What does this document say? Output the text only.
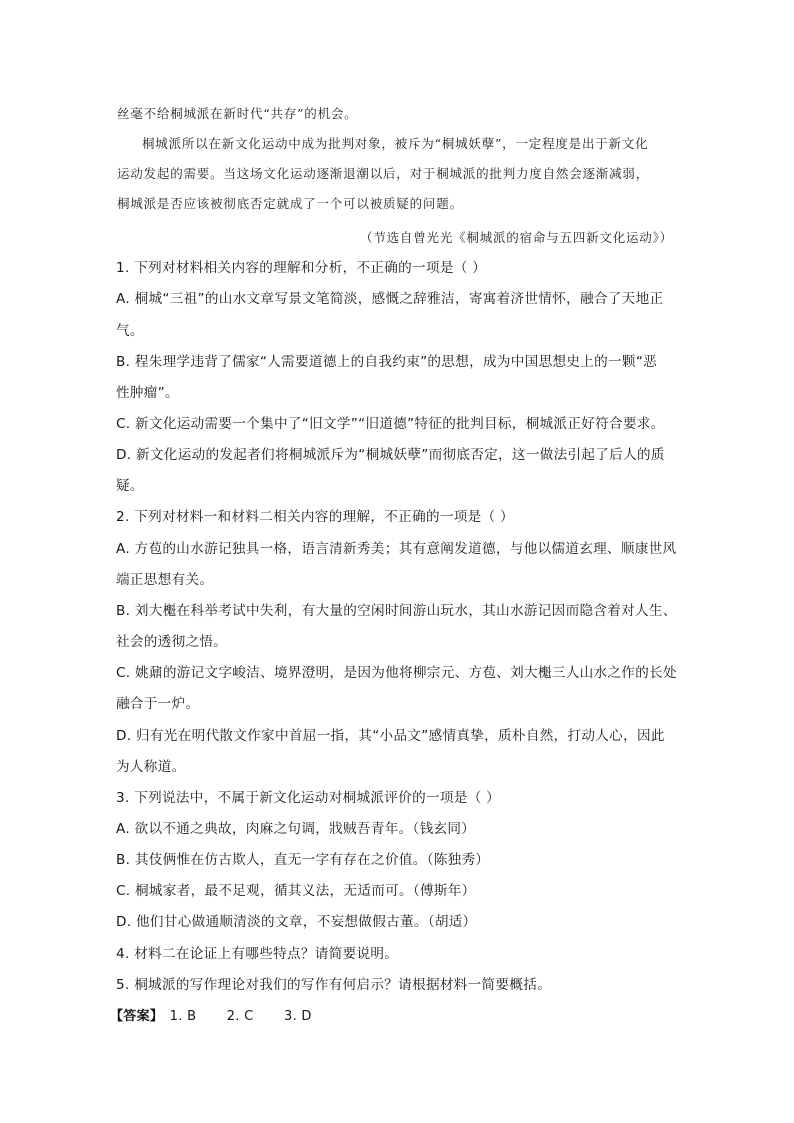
丝毫不给桐城派在新时代“共存”的机会。
桐城派所以在新文化运动中成为批判对象，被斥为“桐城妖孽”，一定程度是出于新文化
运动发起的需要。当这场文化运动逐渐退潮以后，对于桐城派的批判力度自然会逐渐减弱，
桐城派是否应该被彻底否定就成了一个可以被质疑的问题。
（节选自曾光光《桐城派的宿命与五四新文化运动》）
1. 下列对材料相关内容的理解和分析，不正确的一项是（ ）
A. 桐城“三祖”的山水文章写景文笔简淡，感慨之辞雅洁，寄寓着济世情怀，融合了天地正
气。
B. 程朱理学违背了儒家“人需要道德上的自我约束”的思想，成为中国思想史上的一颗“恶
性肿瘤”。
C. 新文化运动需要一个集中了“旧文学”“旧道德”特征的批判目标，桐城派正好符合要求。
D. 新文化运动的发起者们将桐城派斥为“桐城妖孽”而彻底否定，这一做法引起了后人的质
疑。
2. 下列对材料一和材料二相关内容的理解，不正确的一项是（ ）
A. 方苞的山水游记独具一格，语言清新秀美；其有意阐发道德，与他以儒道玄理、顺康世风
端正思想有关。
B. 刘大櫆在科举考试中失利，有大量的空闲时间游山玩水，其山水游记因而隐含着对人生、
社会的透彻之悟。
C. 姚鼐的游记文字峻洁、境界澄明，是因为他将柳宗元、方苞、刘大櫆三人山水之作的长处
融合于一炉。
D. 归有光在明代散文作家中首屈一指，其“小品文”感情真挚，质朴自然，打动人心，因此
为人称道。
3. 下列说法中，不属于新文化运动对桐城派评价的一项是（ ）
A. 欲以不通之典故，肉麻之句调，戕贼吾青年。（钱玄同）
B. 其伎俩惟在仿古欺人，直无一字有存在之价值。（陈独秀）
C. 桐城家者，最不足观，循其义法，无适而可。（傅斯年）
D. 他们甘心做通顺清淡的文章，不妄想做假古董。（胡适）
4. 材料二在论证上有哪些特点？请简要说明。
5. 桐城派的写作理论对我们的写作有何启示？请根据材料一简要概括。
【答案】 1. B 2. C 3. D
